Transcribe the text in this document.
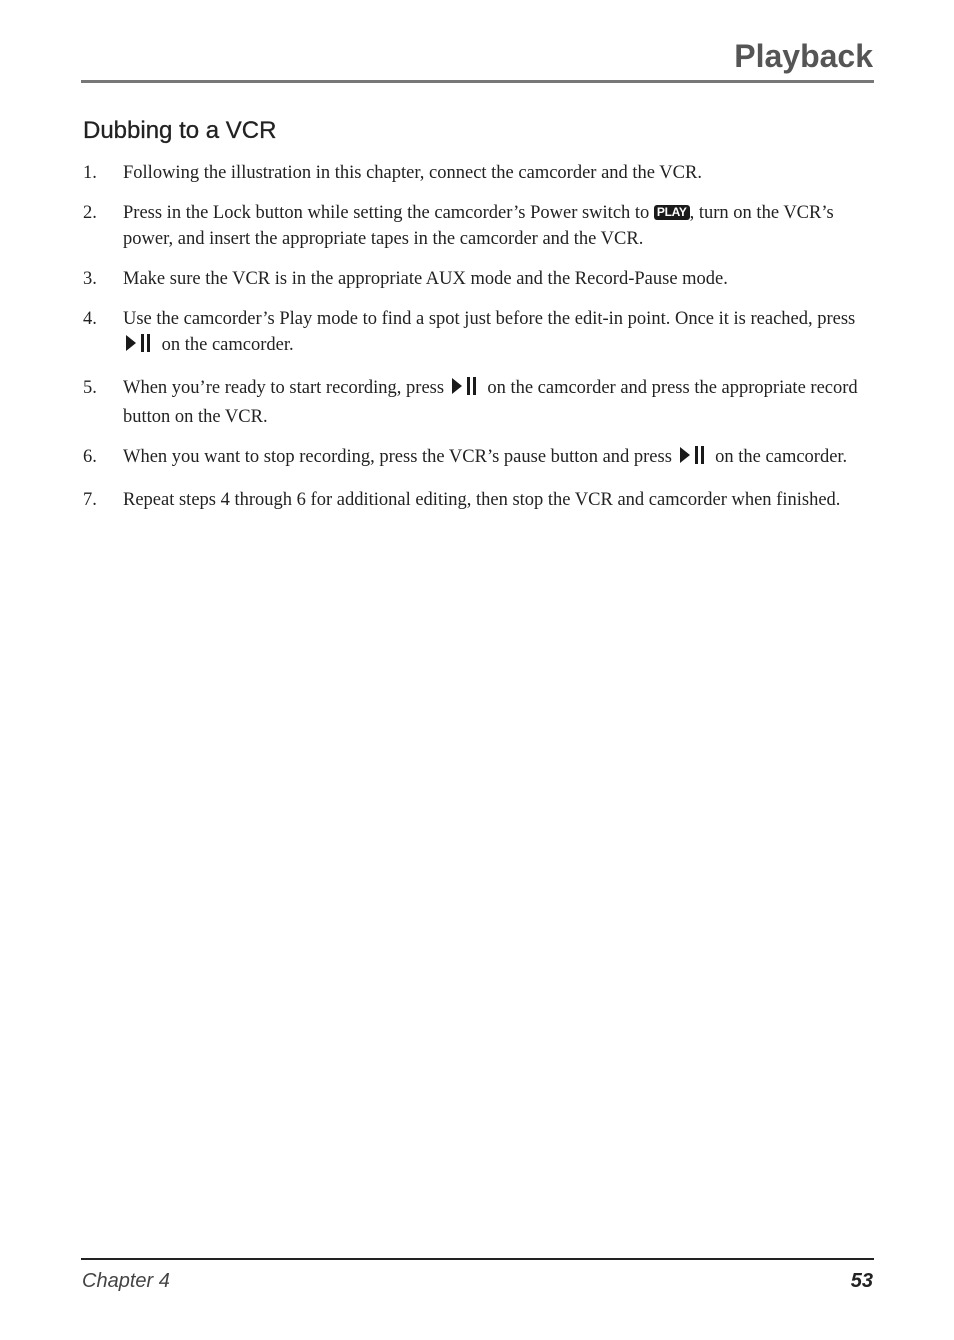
Playback
Dubbing to a VCR
1. Following the illustration in this chapter, connect the camcorder and the VCR.
2. Press in the Lock button while setting the camcorder’s Power switch to PLAY , turn on the VCR’s power, and insert the appropriate tapes in the camcorder and the VCR.
3. Make sure the VCR is in the appropriate AUX mode and the Record-Pause mode.
4. Use the camcorder’s Play mode to find a spot just before the edit-in point. Once it is reached, press  on the camcorder.
5. When you’re ready to start recording, press on the camcorder and press the appropriate record button on the VCR.
6. When you want to stop recording, press the VCR’s pause button and press on the camcorder.
7. Repeat steps 4 through 6 for additional editing, then stop the VCR and camcorder when finished.
Chapter 4	53
